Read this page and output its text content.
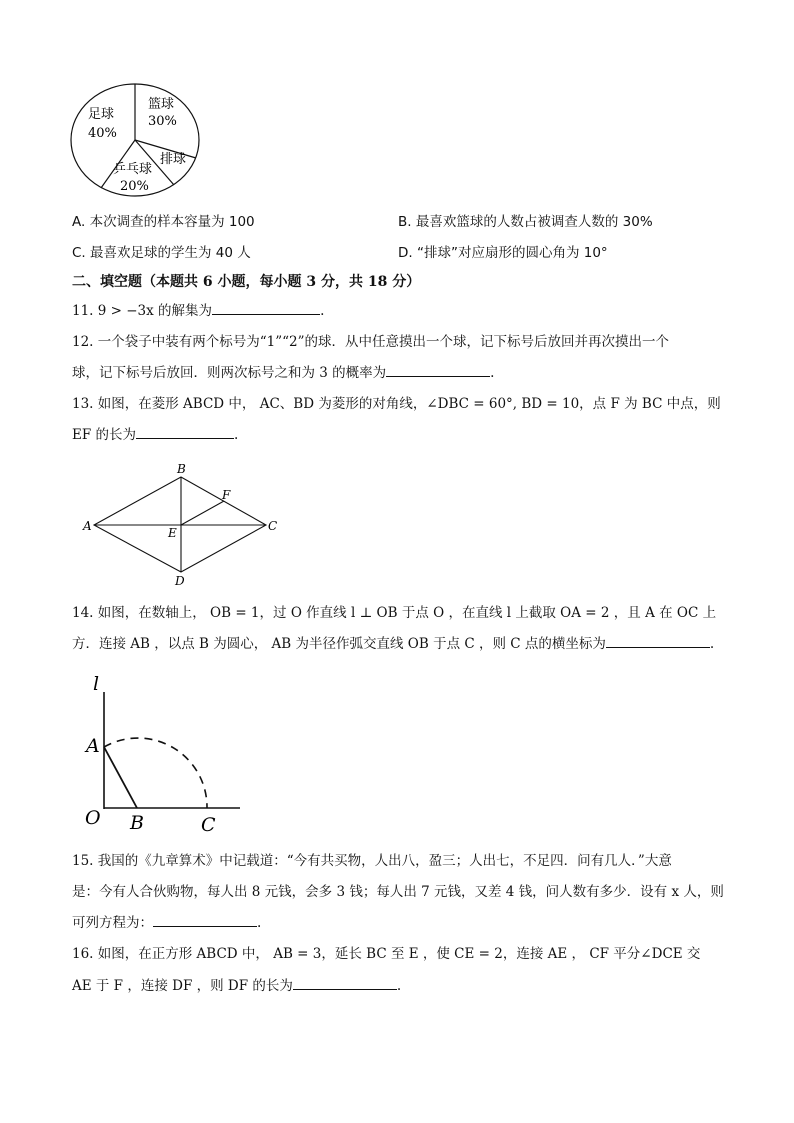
篮球
30%
排球
乒乓球
20%
足球
40%
A. 本次调查的样本容量为 100	B. 最喜欢篮球的人数占被调查人数的 30%
C. 最喜欢足球的学生为 40 人	D. “排球”对应扇形的圆心角为 10°
二、填空题（本题共 6 小题，每小题 3 分，共 18 分）
11. 9 > −3x 的解集为	.
12. 一个袋子中装有两个标号为“1”“2”的球．从中任意摸出一个球，记下标号后放回并再次摸出一个
球，记下标号后放回．则两次标号之和为 3 的概率为	.
13. 如图，在菱形 ABCD 中， AC、BD 为菱形的对角线，∠DBC = 60°, BD = 10，点 F 为 BC 中点，则
EF 的长为	.
A
B
C
D
E
F
14. 如图，在数轴上， OB = 1，过 O 作直线 l ⊥ OB 于点 O ，在直线 l 上截取 OA = 2 ，且 A 在 OC 上
方．连接 AB ，以点 B 为圆心， AB 为半径作弧交直线 OB 于点 C ，则 C 点的横坐标为	.
l
A
O B	C
15. 我国的《九章算术》中记载道：“今有共买物，人出八，盈三；人出七，不足四．问有几人．”大意
是：今有人合伙购物，每人出 8 元钱，会多 3 钱；每人出 7 元钱，又差 4 钱，问人数有多少．设有 x 人，则
可列方程为：	.
16. 如图，在正方形 ABCD 中， AB = 3，延长 BC 至 E ，使 CE = 2，连接 AE ， CF 平分∠DCE 交
AE 于 F ，连接 DF ，则 DF 的长为	.
